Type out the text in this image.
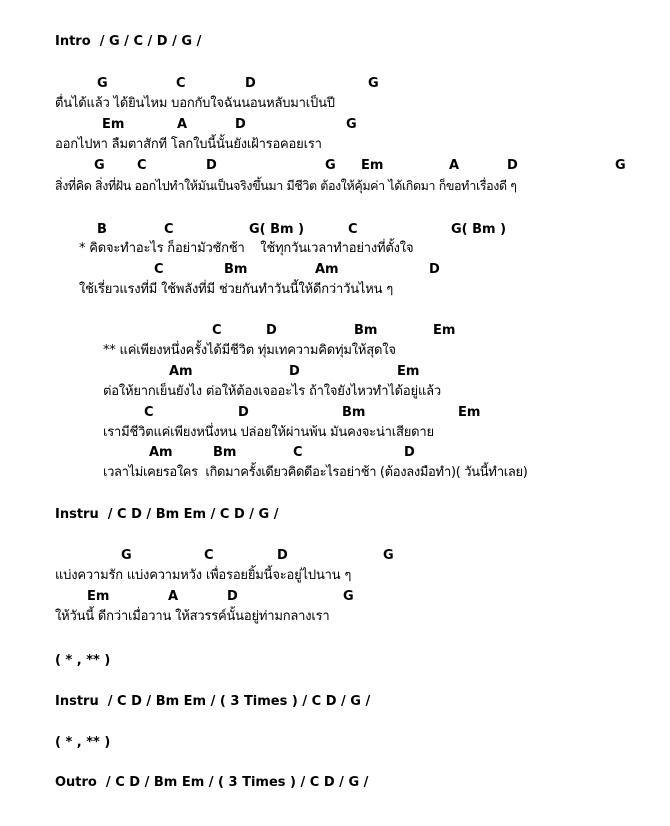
Intro  / G / C / D / G /
G	C	D	G
ตื่นได้แล้ว ได้ยินไหม บอกกับใจฉันนอนหลับมาเป็นปี
Em	A	D	G
ออกไปหา ลืมตาสักที โลกใบนี้นั้นยังเฝ้ารอคอยเรา
G C	D	G Em	A	D	G
สิ่งที่คิด สิ่งที่ฝัน ออกไปทำให้มันเป็นจริงขึ้นมา มีชีวิต ต้องให้คุ้มค่า ได้เกิดมา ก็ขอทำเรื่องดี ๆ
B	C	G( Bm )	C	G( Bm )
* คิดจะทำอะไร ก็อย่ามัวชักช้า    ใช้ทุกวันเวลาทำอย่างที่ตั้งใจ
C	Bm	Am	D
ใช้เรี่ยวแรงที่มี ใช้พลังที่มี ช่วยกันทำวันนี้ให้ดีกว่าวันไหน ๆ
C	D	Bm	Em
** แค่เพียงหนึ่งครั้งได้มีชีวิต ทุ่มเทความคิดทุ่มให้สุดใจ
Am	D	Em
ต่อให้ยากเย็นยังไง ต่อให้ต้องเจออะไร ถ้าใจยังไหวทำได้อยู่แล้ว
C	D	Bm	Em
เรามีชีวิตแค่เพียงหนึ่งหน ปล่อยให้ผ่านพ้น มันคงจะน่าเสียดาย
Am	Bm	C	D
เวลาไม่เคยรอใคร  เกิดมาครั้งเดียวคิดดีอะไรอย่าช้า (ต้องลงมือทำ)( วันนี้ทำเลย)
Instru  / C D / Bm Em / C D / G /
G	C	D	G
แบ่งความรัก แบ่งความหวัง เพื่อรอยยิ้มนี้จะอยู่ไปนาน ๆ
Em	A	D	G
ให้วันนี้ ดีกว่าเมื่อวาน ให้สวรรค์นั้นอยู่ท่ามกลางเรา
( * , ** )
Instru  / C D / Bm Em / ( 3 Times ) / C D / G /
( * , ** )
Outro  / C D / Bm Em / ( 3 Times ) / C D / G /
